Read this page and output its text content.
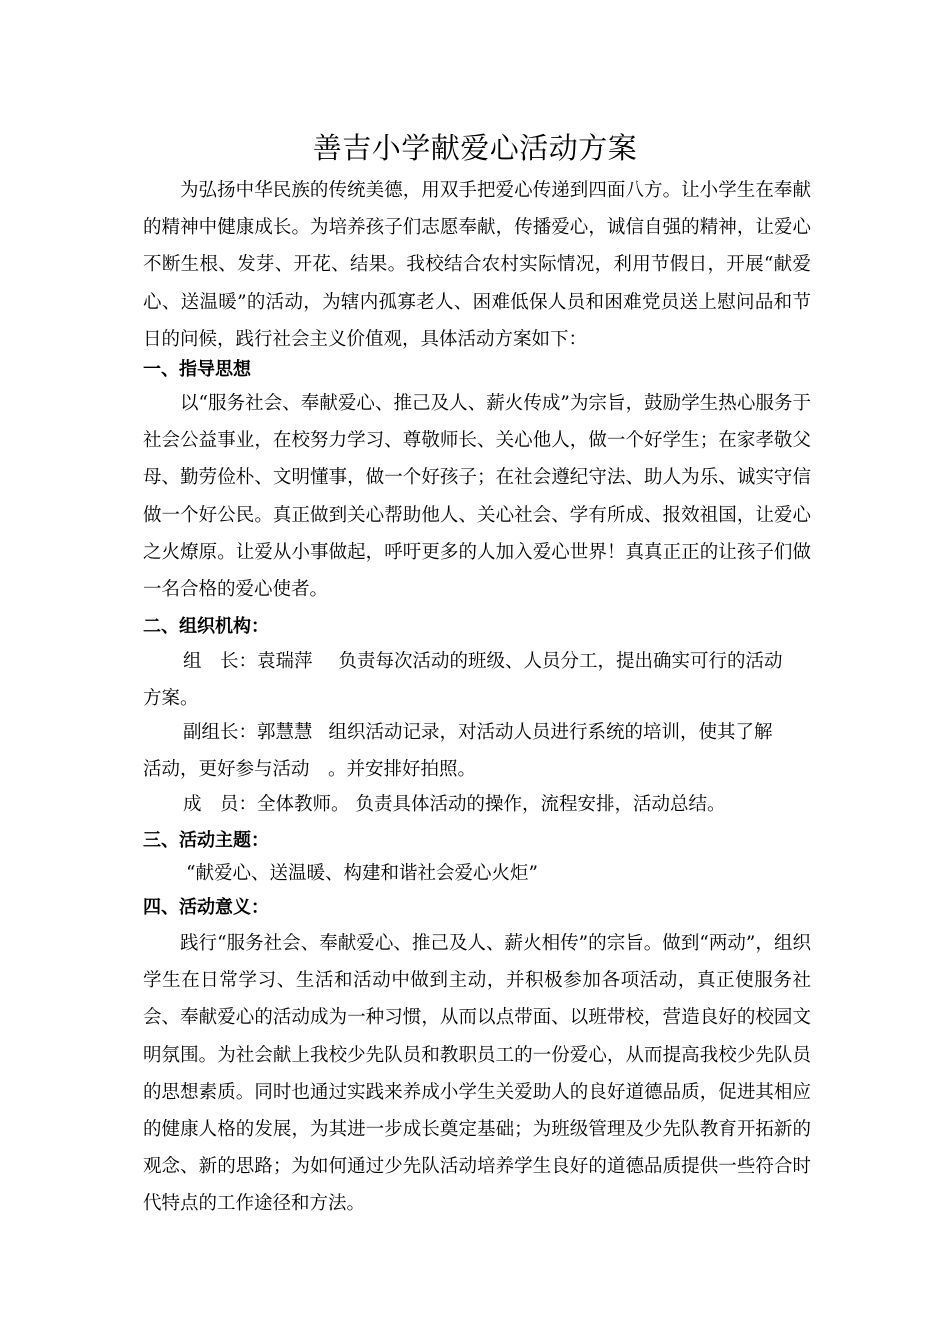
善吉小学献爱心活动方案

为弘扬中华民族的传统美德，用双手把爱心传递到四面八方。让小学生在奉献的精神中健康成长。为培养孩子们志愿奉献，传播爱心，诚信自强的精神，让爱心不断生根、发芽、开花、结果。我校结合农村实际情况，利用节假日，开展“献爱心、送温暖”的活动，为辖内孤寡老人、困难低保人员和困难党员送上慰问品和节日的问候，践行社会主义价值观，具体活动方案如下：

一、指导思想

以“服务社会、奉献爱心、推己及人、薪火传成”为宗旨，鼓励学生热心服务于社会公益事业，在校努力学习、尊敬师长、关心他人，做一个好学生；在家孝敬父母、勤劳俭朴、文明懂事，做一个好孩子；在社会遵纪守法、助人为乐、诚实守信做一个好公民。真正做到关心帮助他人、关心社会、学有所成、报效祖国，让爱心之火燎原。让爱从小事做起，呼吁更多的人加入爱心世界！真真正正的让孩子们做一名合格的爱心使者。

二、组织机构：
组　长：袁瑞萍 负责每次活动的班级、人员分工，提出确实可行的活动
方案。
副组长：郭慧慧 组织活动记录，对活动人员进行系统的培训，使其了解
活动，更好参与活动　。并安排好拍照。
成　员：全体教师。 负责具体活动的操作，流程安排，活动总结。
三、活动主题：

“献爱心、送温暖、构建和谐社会爱心火炬”

四、活动意义：

践行“服务社会、奉献爱心、推己及人、薪火相传”的宗旨。做到“两动”，组织学生在日常学习、生活和活动中做到主动，并积极参加各项活动，真正使服务社会、奉献爱心的活动成为一种习惯，从而以点带面、以班带校，营造良好的校园文明氛围。为社会献上我校少先队员和教职员工的一份爱心，从而提高我校少先队员的思想素质。同时也通过实践来养成小学生关爱助人的良好道德品质，促进其相应的健康人格的发展，为其进一步成长奠定基础；为班级管理及少先队教育开拓新的观念、新的思路；为如何通过少先队活动培养学生良好的道德品质提供一些符合时代特点的工作途径和方法。
